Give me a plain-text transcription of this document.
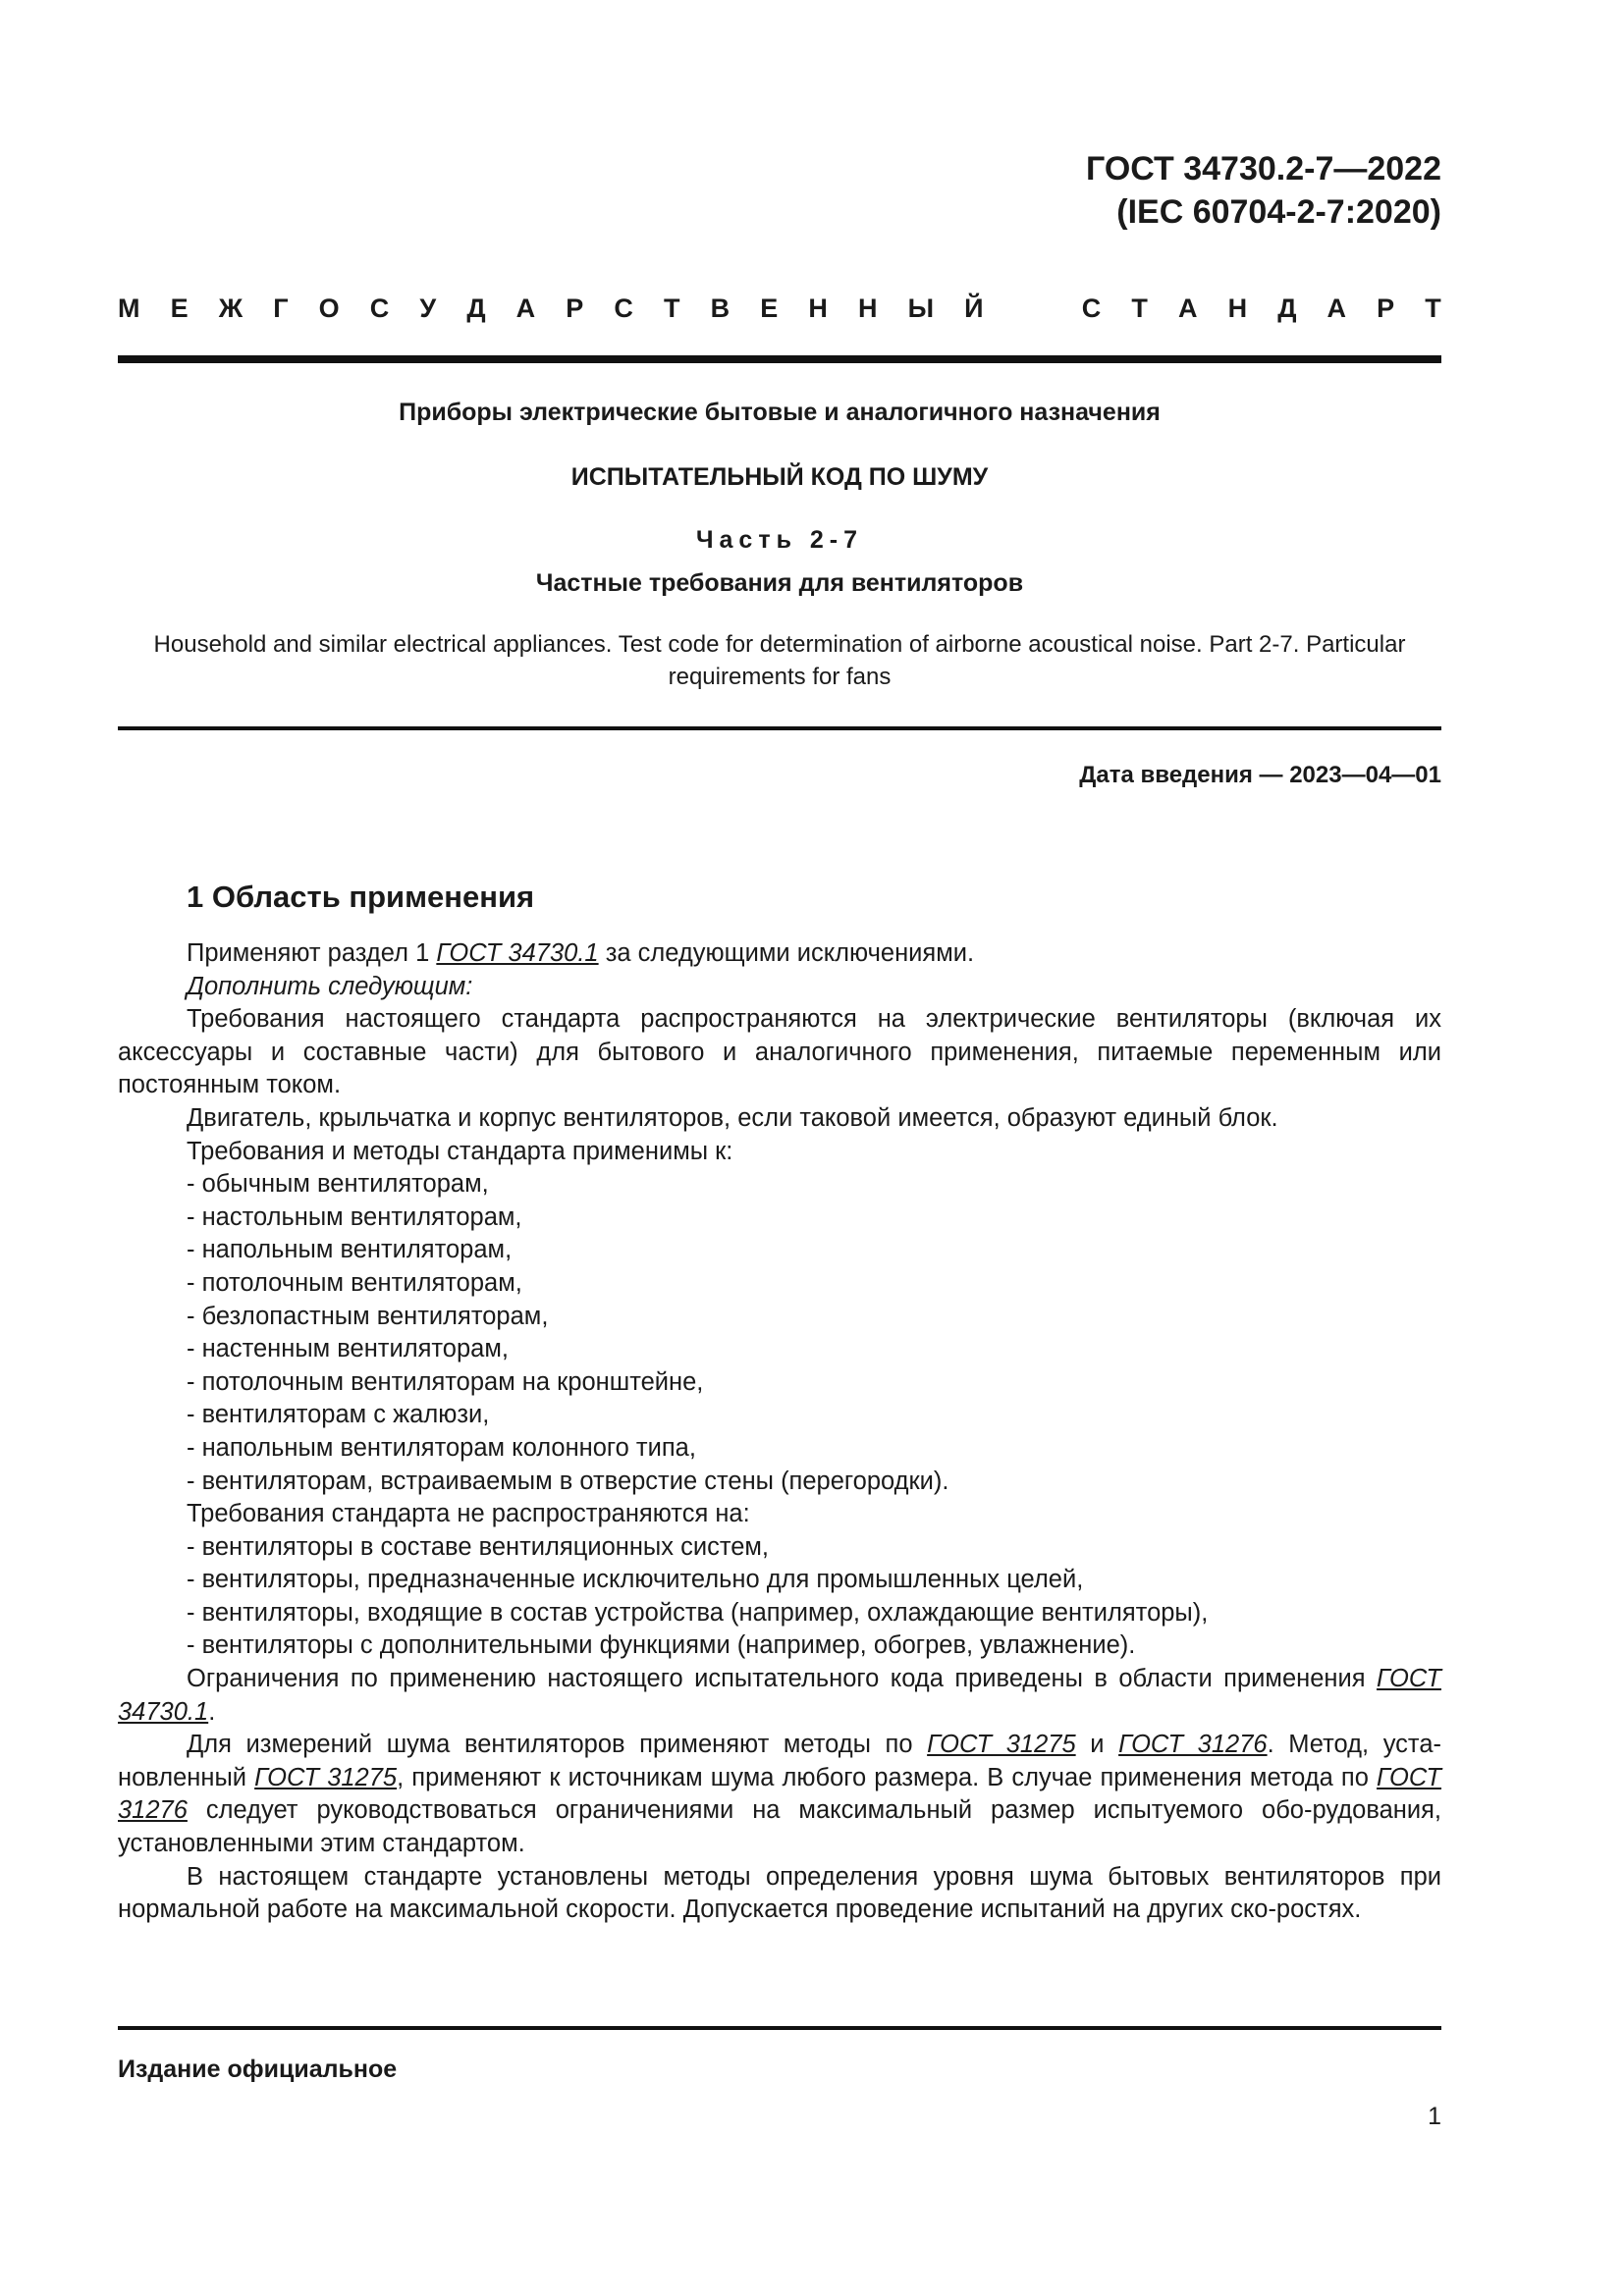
ГОСТ 34730.2-7—2022
(IEC 60704-2-7:2020)
М Е Ж Г О С У Д А Р С Т В Е Н Н Ы Й	С Т А Н Д А Р Т
Приборы электрические бытовые и аналогичного назначения
ИСПЫТАТЕЛЬНЫЙ КОД ПО ШУМУ
Часть 2-7
Частные требования для вентиляторов
Household and similar electrical appliances. Test code for determination of airborne acoustical noise. Part 2-7. Particular requirements for fans
Дата введения — 2023—04—01
1 Область применения

Применяют раздел 1 ГОСТ 34730.1 за следующими исключениями.

Дополнить следующим:

Требования настоящего стандарта распространяются на электрические вентиляторы (включая их аксессуары и составные части) для бытового и аналогичного применения, питаемые переменным или постоянным током.

Двигатель, крыльчатка и корпус вентиляторов, если таковой имеется, образуют единый блок.

Требования и методы стандарта применимы к:

- обычным вентиляторам,

- настольным вентиляторам,

- напольным вентиляторам,

- потолочным вентиляторам,

- безлопастным вентиляторам,

- настенным вентиляторам,

- потолочным вентиляторам на кронштейне,

- вентиляторам с жалюзи,

- напольным вентиляторам колонного типа,

- вентиляторам, встраиваемым в отверстие стены (перегородки).

Требования стандарта не распространяются на:

- вентиляторы в составе вентиляционных систем,

- вентиляторы, предназначенные исключительно для промышленных целей,

- вентиляторы, входящие в состав устройства (например, охлаждающие вентиляторы),

- вентиляторы с дополнительными функциями (например, обогрев, увлажнение).

Ограничения по применению настоящего испытательного кода приведены в области применения ГОСТ 34730.1.

Для измерений шума вентиляторов применяют методы по ГОСТ 31275 и ГОСТ 31276. Метод, уста-новленный ГОСТ 31275, применяют к источникам шума любого размера. В случае применения метода по ГОСТ 31276 следует руководствоваться ограничениями на максимальный размер испытуемого обо-рудования, установленными этим стандартом.

В настоящем стандарте установлены методы определения уровня шума бытовых вентиляторов при нормальной работе на максимальной скорости. Допускается проведение испытаний на других ско-ростях.

Издание официальное
1
